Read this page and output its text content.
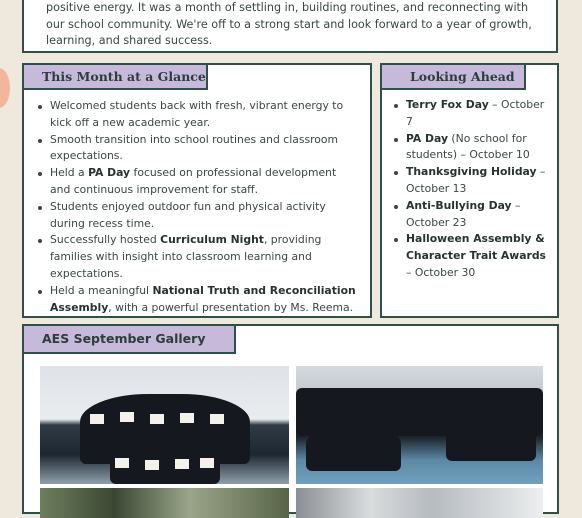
positive energy. It was a month of settling in, building routines, and reconnecting with our school community. We're off to a strong start and look forward to a year of growth, learning, and shared success.
This Month at a Glance
Welcomed students back with fresh, vibrant energy to kick off a new academic year.
Smooth transition into school routines and classroom expectations.
Held a PA Day focused on professional development and continuous improvement for staff.
Students enjoyed outdoor fun and physical activity during recess time.
Successfully hosted Curriculum Night, providing families with insight into classroom learning and expectations.
Held a meaningful National Truth and Reconciliation Assembly, with a powerful presentation by Ms. Reema.
Looking Ahead
Terry Fox Day – October 7
PA Day (No school for students) – October 10
Thanksgiving Holiday – October 13
Anti-Bullying Day – October 23
Halloween Assembly & Character Trait Awards – October 30
AES September Gallery
